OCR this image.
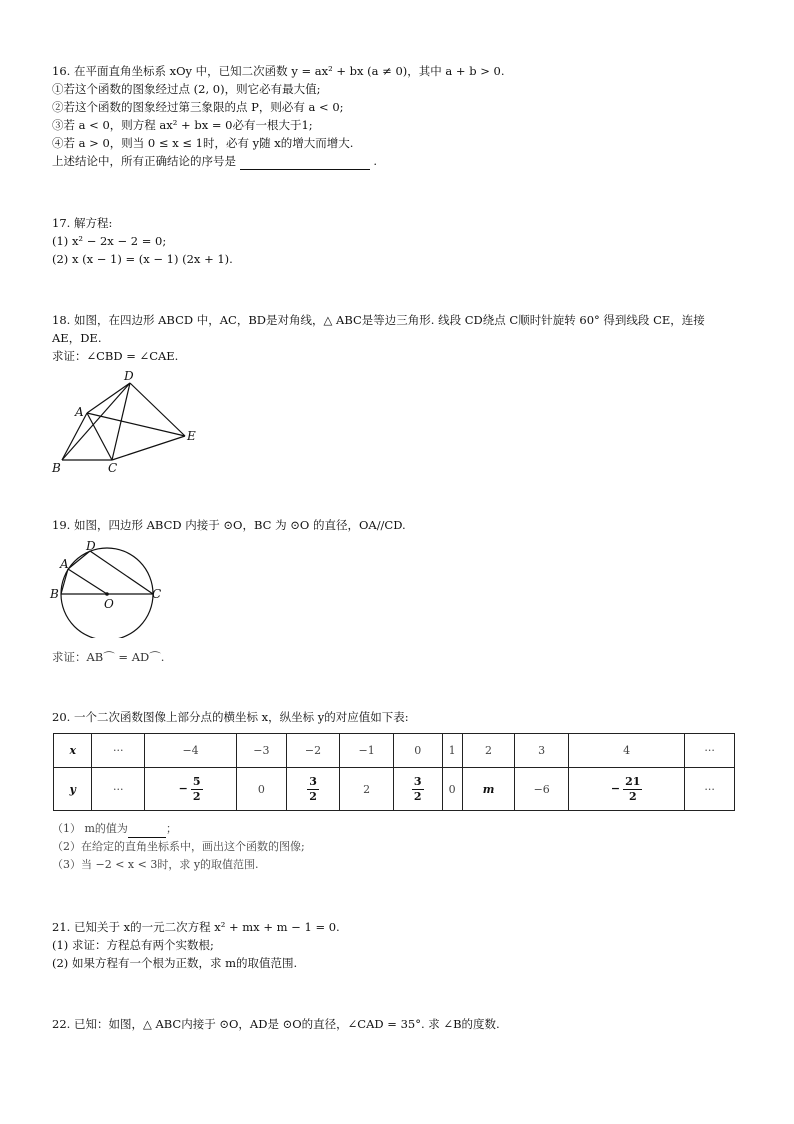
16. 在平面直角坐标系 xOy 中，已知二次函数 y = ax² + bx (a ≠ 0)，其中 a + b > 0.
①若这个函数的图象经过点 (2, 0)，则它必有最大值;
②若这个函数的图象经过第三象限的点 P，则必有 a < 0;
③若 a < 0，则方程 ax² + bx = 0必有一根大于1;
④若 a > 0，则当 0 ≤ x ≤ 1时，必有 y随 x的增大而增大.
上述结论中，所有正确结论的序号是	.
17. 解方程:
(1) x² − 2x − 2 = 0;
(2) x (x − 1) = (x − 1) (2x + 1).
18. 如图，在四边形 ABCD 中，AC，BD是对角线，△ ABC是等边三角形. 线段 CD绕点 C顺时针旋转 60° 得到线段 CE，连接
AE，DE.
求证：∠CBD = ∠CAE.
D
A
B	C
E
19. 如图，四边形 ABCD 内接于 ⊙O，BC 为 ⊙O 的直径，OA//CD.
D
A
B
O
C
求证：AB⌒ = AD⌒.
20. 一个二次函数图像上部分点的横坐标 x，纵坐标 y的对应值如下表:
x	···	−4	−3	−2	−1	0	1	2	3	4	···
y	···	− $\frac{5}{2}$	0	$\frac{3}{2}$	2	$\frac{3}{2}$	0	m	−6	− $\frac{21}{2}$	···
（1） m的值为	；
（2）在给定的直角坐标系中，画出这个函数的图像;
（3）当 −2 < x < 3时，求 y的取值范围.
21. 已知关于 x的一元二次方程 x² + mx + m − 1 = 0.
(1) 求证：方程总有两个实数根;
(2) 如果方程有一个根为正数，求 m的取值范围.
22. 已知：如图，△ ABC内接于 ⊙O，AD是 ⊙O的直径，∠CAD = 35°. 求 ∠B的度数.
